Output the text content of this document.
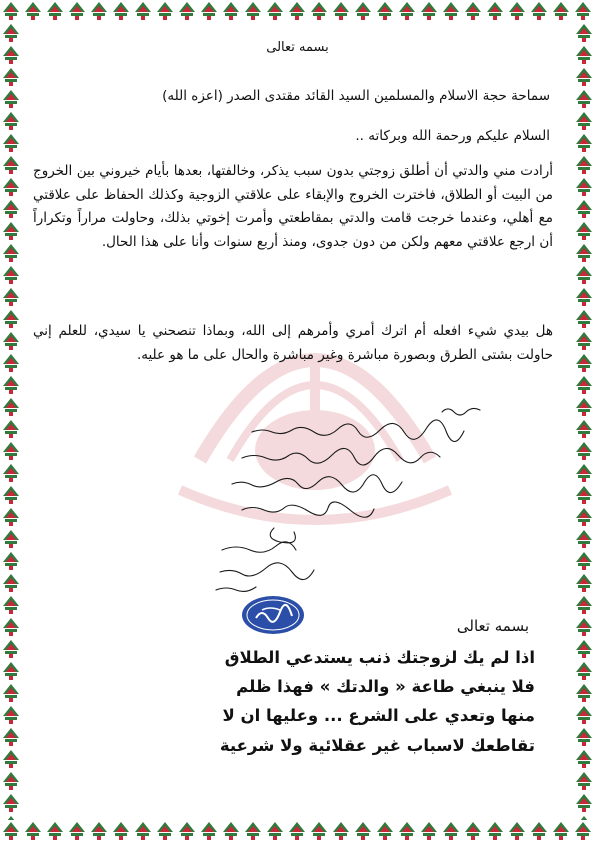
بسمه تعالى
سماحة حجة الاسلام والمسلمين السيد القائد مقتدى الصدر (اعزه الله)
السلام عليكم ورحمة الله وبركاته ..
أرادت مني والدتي أن أطلق زوجتي بدون سبب يذكر، وخالفتها، بعدها بأيام خيروني بين الخروج من البيت أو الطلاق، فاخترت الخروج والإبقاء على علاقتي الزوجية وكذلك الحفاظ على علاقتي مع أهلي، وعندما خرجت قامت والدتي بمقاطعتي وأمرت إخوتي بذلك، وحاولت مراراً وتكراراً أن ارجع علاقتي معهم ولكن من دون جدوى، ومنذ أربع سنوات وأنا على هذا الحال.
هل بيدي شيء افعله أم اترك أمري وأمرهم إلى الله، وبماذا تنصحني يا سيدي، للعلم إني حاولت بشتى الطرق وبصورة مباشرة وغير مباشرة والحال على ما هو عليه.
بسمه تعالى
اذا لم يك لزوجتك ذنب يستدعي الطلاق
فلا ينبغي طاعة « والدتك » فهذا ظلم
منها وتعدي على الشرع ... وعليها ان لا
تقاطعك لاسباب غير عقلائية ولا شرعية
